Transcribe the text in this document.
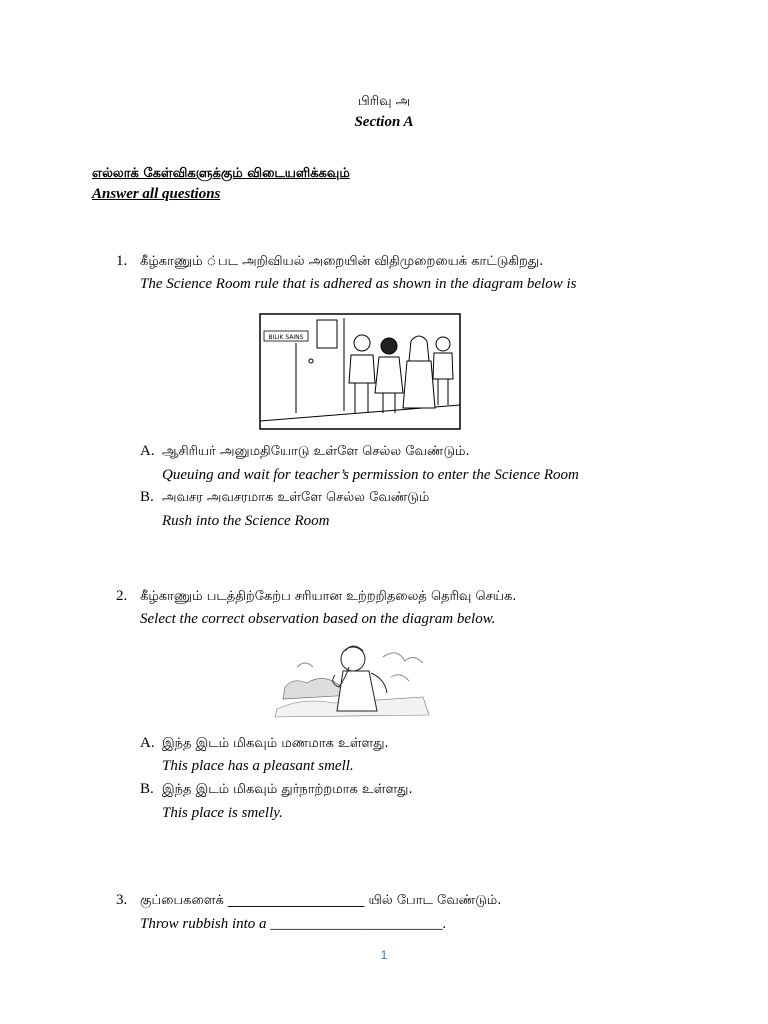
பிரிவு அ
Section A
எல்லாக் கேள்விகளுக்கும் விடையளிக்கவும்
Answer all questions
1. கீழ்காணும் ்பட அறிவியல் அறையின் விதிமுறையைக் காட்டுகிறது.
The Science Room rule that is adhered as shown in the diagram below is
BILIK SAINS
A. ஆசிரியர் அனுமதியோடு உள்ளே செல்ல வேண்டும்.
Queuing and wait for teacher’s permission to enter the Science Room
B. அவசர அவசரமாக உள்ளே செல்ல வேண்டும்
Rush into the Science Room
2. கீழ்காணும் படத்திற்கேற்ப சரியான உற்றறிதலைத் தெரிவு செய்க.
Select the correct observation based on the diagram below.
A. இந்த இடம் மிகவும் மணமாக உள்ளது.
This place has a pleasant smell.
B. இந்த இடம் மிகவும் துர்நாற்றமாக உள்ளது.
This place is smelly.
3. குப்பைகளைக் _____________________ யில் போட வேண்டும்.
Throw rubbish into a _______________________.
1
